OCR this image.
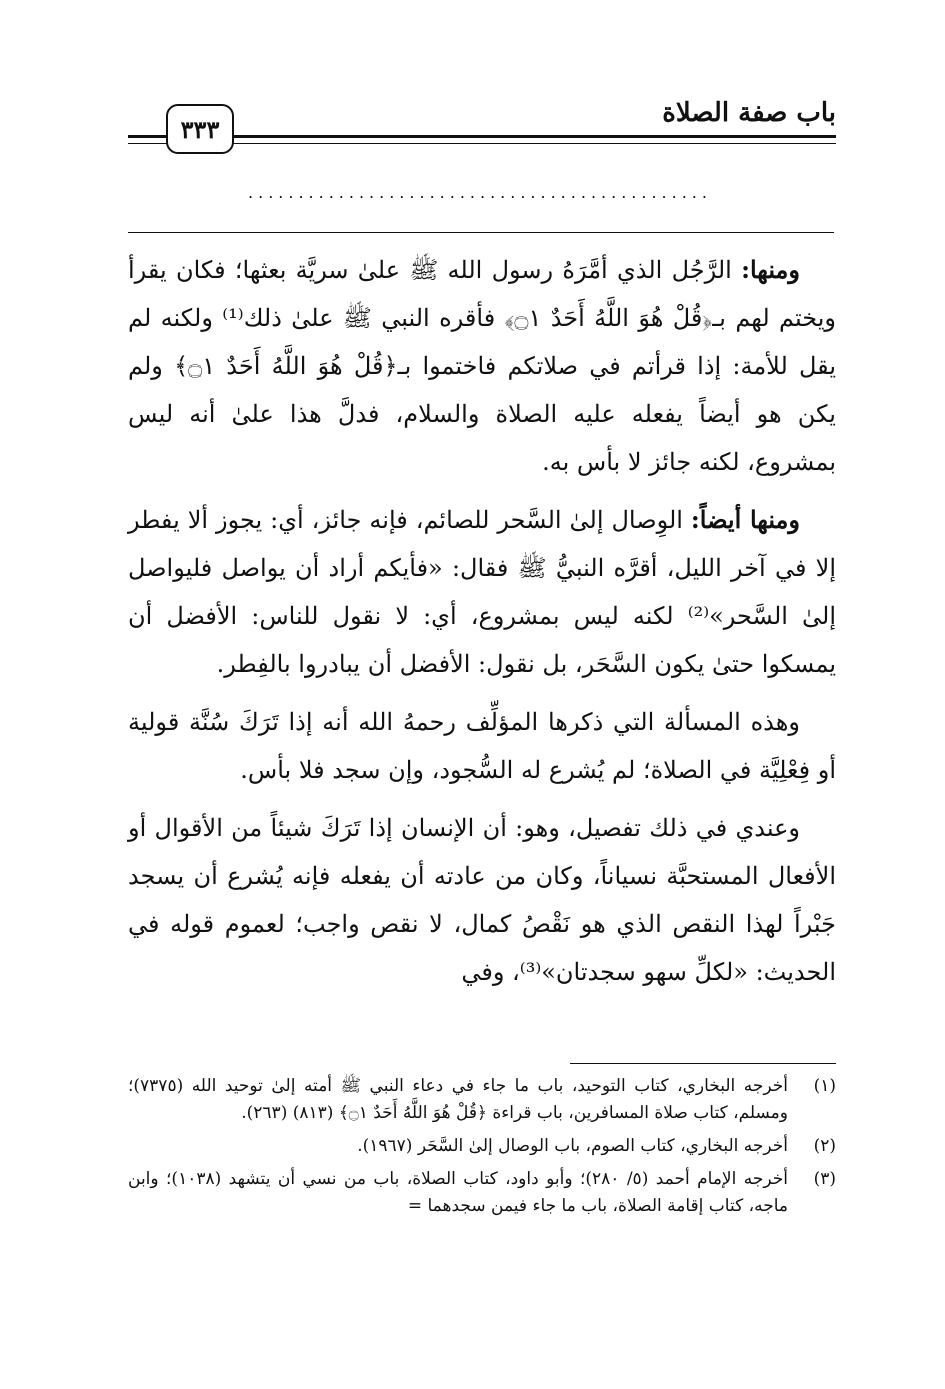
باب صفة الصلاة
٣٣٣
..............................................

ومنها: الرَّجُل الذي أمَّرَهُ رسول الله ﷺ علىٰ سريَّة بعثها؛ فكان يقرأ ويختم لهم بـ﴿قُلْ هُوَ اللَّهُ أَحَدٌ ۝١﴾ فأقره النبي ﷺ علىٰ ذلك⁽¹⁾ ولكنه لم يقل للأمة: إذا قرأتم في صلاتكم فاختموا بـ﴿قُلْ هُوَ اللَّهُ أَحَدٌ ۝١﴾ ولم يكن هو أيضاً يفعله عليه الصلاة والسلام، فدلَّ هذا علىٰ أنه ليس بمشروع، لكنه جائز لا بأس به.

ومنها أيضاً: الوِصال إلىٰ السَّحر للصائم، فإنه جائز، أي: يجوز ألا يفطر إلا في آخر الليل، أقرَّه النبيُّ ﷺ فقال: «فأيكم أراد أن يواصل فليواصل إلىٰ السَّحر»⁽²⁾ لكنه ليس بمشروع، أي: لا نقول للناس: الأفضل أن يمسكوا حتىٰ يكون السَّحَر، بل نقول: الأفضل أن يبادروا بالفِطر.

وهذه المسألة التي ذكرها المؤلِّف رحمهُ الله أنه إذا تَرَكَ سُنَّة قولية أو فِعْلِيَّة في الصلاة؛ لم يُشرع له السُّجود، وإن سجد فلا بأس.

وعندي في ذلك تفصيل، وهو: أن الإنسان إذا تَرَكَ شيئاً من الأقوال أو الأفعال المستحبَّة نسياناً، وكان من عادته أن يفعله فإنه يُشرع أن يسجد جَبْراً لهذا النقص الذي هو نَقْصُ كمال، لا نقص واجب؛ لعموم قوله في الحديث: «لكلِّ سهو سجدتان»⁽³⁾، وفي

(١)
أخرجه البخاري، كتاب التوحيد، باب ما جاء في دعاء النبي ﷺ أمته إلىٰ توحيد الله (٧٣٧٥)؛ ومسلم، كتاب صلاة المسافرين، باب قراءة ﴿قُلْ هُوَ اللَّهُ أَحَدٌ ۝١﴾ (٨١٣) (٢٦٣).
(٢)
أخرجه البخاري، كتاب الصوم، باب الوصال إلىٰ السَّحَر (١٩٦٧).
(٣)
أخرجه الإمام أحمد (٥/ ٢٨٠)؛ وأبو داود، كتاب الصلاة، باب من نسي أن يتشهد (١٠٣٨)؛ وابن ماجه، كتاب إقامة الصلاة، باب ما جاء فيمن سجدهما =
